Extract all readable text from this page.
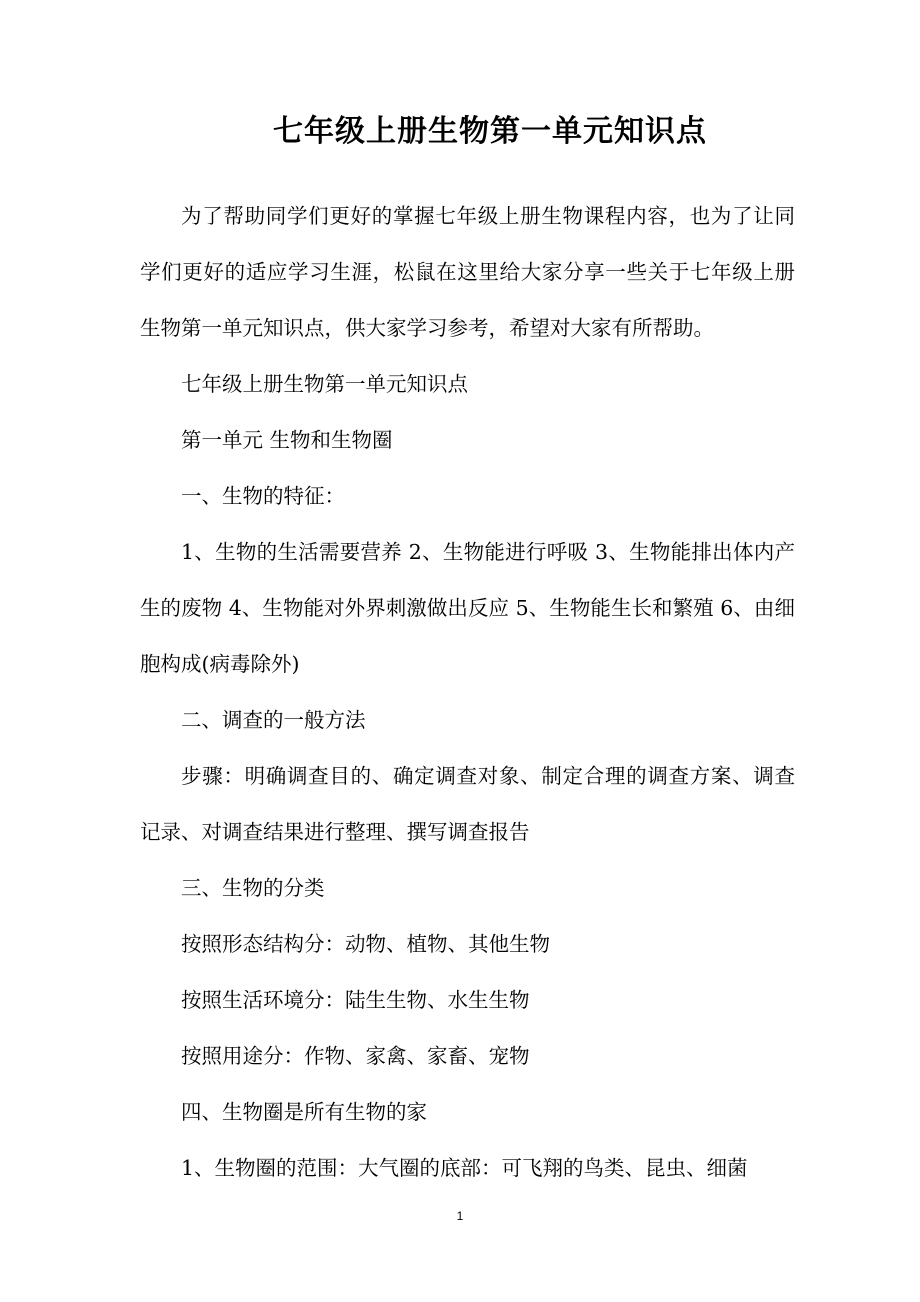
七年级上册生物第一单元知识点

为了帮助同学们更好的掌握七年级上册生物课程内容，也为了让同学们更好的适应学习生涯，松鼠在这里给大家分享一些关于七年级上册生物第一单元知识点，供大家学习参考，希望对大家有所帮助。

七年级上册生物第一单元知识点

第一单元 生物和生物圈

一、生物的特征：

1、生物的生活需要营养 2、生物能进行呼吸 3、生物能排出体内产生的废物 4、生物能对外界刺激做出反应 5、生物能生长和繁殖 6、由细胞构成(病毒除外)

二、调查的一般方法

步骤：明确调查目的、确定调查对象、制定合理的调查方案、调查记录、对调查结果进行整理、撰写调查报告

三、生物的分类

按照形态结构分：动物、植物、其他生物

按照生活环境分：陆生生物、水生生物

按照用途分：作物、家禽、家畜、宠物

四、生物圈是所有生物的家

1、生物圈的范围：大气圈的底部：可飞翔的鸟类、昆虫、细菌

1
